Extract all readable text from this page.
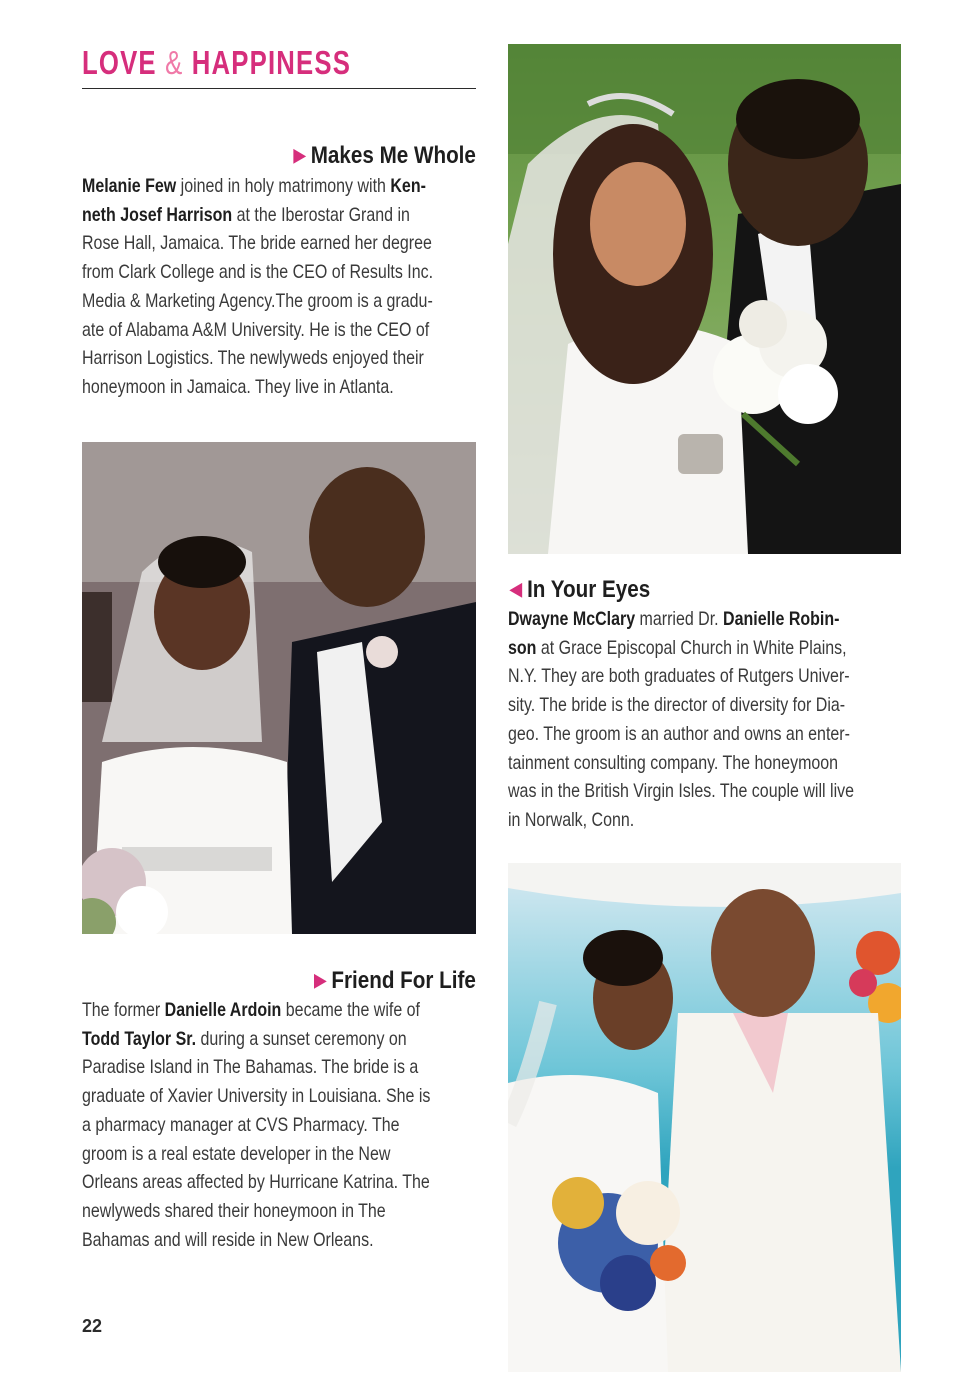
LOVE & HAPPINESS
▶ Makes Me Whole
Melanie Few joined in holy matrimony with Ken-
neth Josef Harrison at the Iberostar Grand in
Rose Hall, Jamaica. The bride earned her degree
from Clark College and is the CEO of Results Inc.
Media & Marketing Agency.The groom is a gradu-
ate of Alabama A&M University. He is the CEO of
Harrison Logistics. The newlyweds enjoyed their
honeymoon in Jamaica. They live in Atlanta.
◀ In Your Eyes
Dwayne McClary married Dr. Danielle Robin-
son at Grace Episcopal Church in White Plains,
N.Y. They are both graduates of Rutgers Univer-
sity. The bride is the director of diversity for Dia-
geo. The groom is an author and owns an enter-
tainment consulting company. The honeymoon
was in the British Virgin Isles. The couple will live
in Norwalk, Conn.
▶ Friend For Life
The former Danielle Ardoin became the wife of
Todd Taylor Sr. during a sunset ceremony on
Paradise Island in The Bahamas. The bride is a
graduate of Xavier University in Louisiana. She is
a pharmacy manager at CVS Pharmacy. The
groom is a real estate developer in the New
Orleans areas affected by Hurricane Katrina. The
newlyweds shared their honeymoon in The
Bahamas and will reside in New Orleans.
22
